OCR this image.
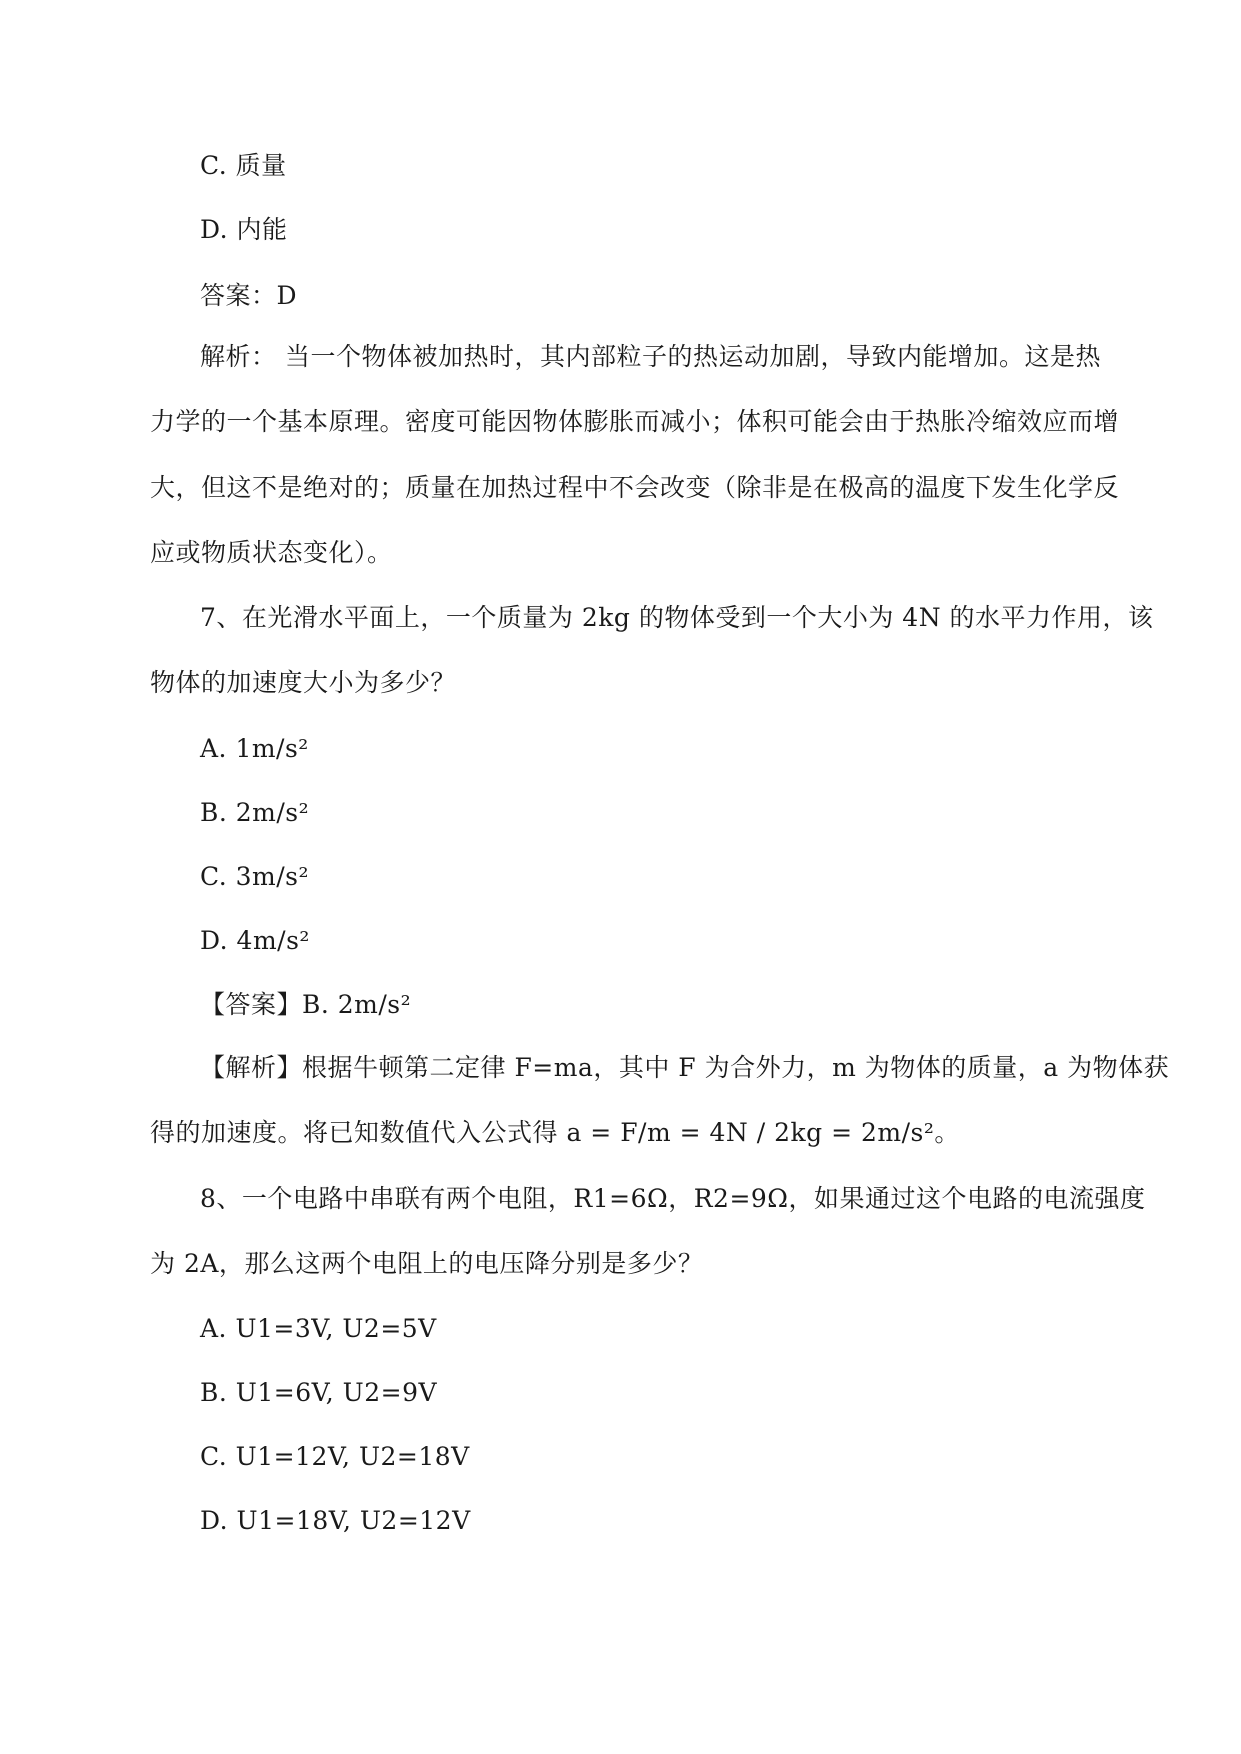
C. 质量
D. 内能
答案：D
解析： 当一个物体被加热时，其内部粒子的热运动加剧，导致内能增加。这是热
力学的一个基本原理。密度可能因物体膨胀而减小；体积可能会由于热胀冷缩效应而增
大，但这不是绝对的；质量在加热过程中不会改变（除非是在极高的温度下发生化学反
应或物质状态变化）。
7、在光滑水平面上，一个质量为 2kg 的物体受到一个大小为 4N 的水平力作用，该
物体的加速度大小为多少？
A. 1m/s²
B. 2m/s²
C. 3m/s²
D. 4m/s²
【答案】B. 2m/s²
【解析】根据牛顿第二定律 F=ma，其中 F 为合外力，m 为物体的质量，a 为物体获
得的加速度。将已知数值代入公式得 a = F/m = 4N / 2kg = 2m/s²。
8、一个电路中串联有两个电阻，R1=6Ω，R2=9Ω，如果通过这个电路的电流强度
为 2A，那么这两个电阻上的电压降分别是多少？
A. U1=3V, U2=5V
B. U1=6V, U2=9V
C. U1=12V, U2=18V
D. U1=18V, U2=12V
